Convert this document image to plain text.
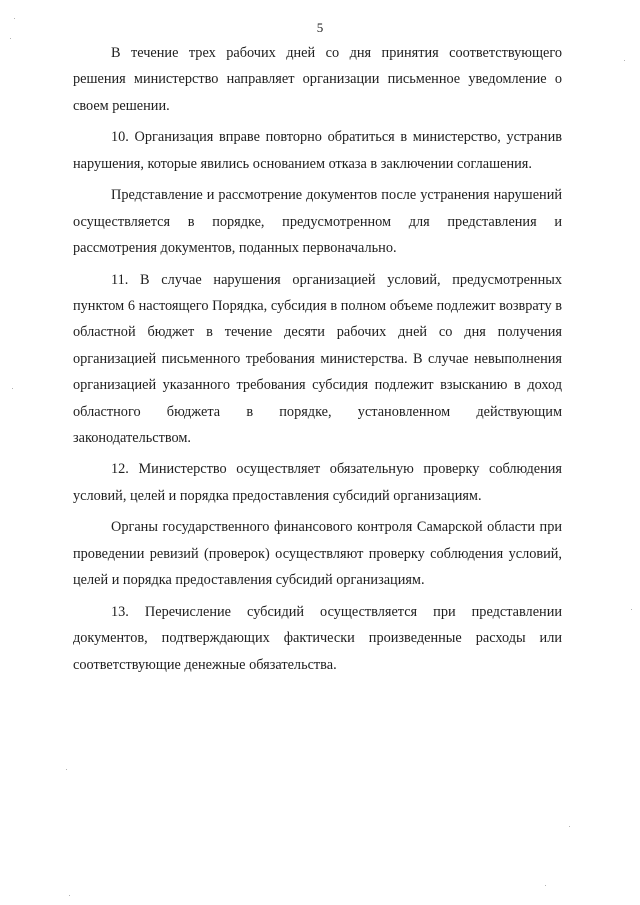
5

В течение трех рабочих дней со дня принятия соответствующего решения министерство направляет организации письменное уведомление о своем решении.

10. Организация вправе повторно обратиться в министерство, устранив нарушения, которые явились основанием отказа в заключении соглашения.

Представление и рассмотрение документов после устранения нарушений осуществляется в порядке, предусмотренном для представления и рассмотрения документов, поданных первоначально.

11. В случае нарушения организацией условий, предусмотренных пунктом 6 настоящего Порядка, субсидия в полном объеме подлежит возврату в областной бюджет в течение десяти рабочих дней со дня получения организацией письменного требования министерства. В случае невыполнения организацией указанного требования субсидия подлежит взысканию в доход областного бюджета в порядке, установленном действующим законодательством.

12. Министерство осуществляет обязательную проверку соблюдения условий, целей и порядка предоставления субсидий организациям.

Органы государственного финансового контроля Самарской области при проведении ревизий (проверок) осуществляют проверку соблюдения условий, целей и порядка предоставления субсидий организациям.

13. Перечисление субсидий осуществляется при представлении документов, подтверждающих фактически произведенные расходы или соответствующие денежные обязательства.
